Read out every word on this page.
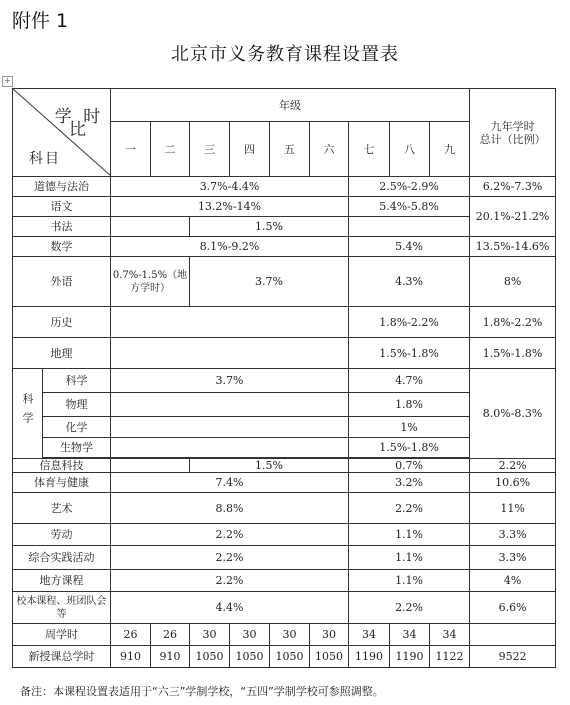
附件 1
北京市义务教育课程设置表
+
学 时 比
科目		年级									九年学时
总计（比例）
		一	二	三	四	五	六	七	八	九	
道德与法治		3.7%-4.4%						2.5%-2.9%			6.2%-7.3%
语文		13.2%-14%						5.4%-5.8%			20.1%-21.2%
书法				1.5%							
数学		8.1%-9.2%						5.4%			13.5%-14.6%
外语		0.7%-1.5%（地方学时）		3.7%				4.3%			8%
历史								1.8%-2.2%			1.8%-2.2%
地理								1.5%-1.8%			1.5%-1.8%
科学	科学	3.7%						4.7%			8.0%-8.3%
	物理							1.8%			
	化学							1%			
	生物学							1.5%-1.8%			

信息科技				1.5%				0.7%			2.2%
体育与健康		7.4%						3.2%			10.6%
艺术		8.8%						2.2%			11%
劳动		2.2%						1.1%			3.3%
综合实践活动		2.2%						1.1%			3.3%
地方课程		2.2%						1.1%			4%
校本课程、班团队会等		4.4%						2.2%			6.6%
周学时		26	26	30	30	30	30	34	34	34	
新授课总学时		910	910	1050	1050	1050	1050	1190	1190	1122	9522
备注：本课程设置表适用于“六三”学制学校，“五四”学制学校可参照调整。
